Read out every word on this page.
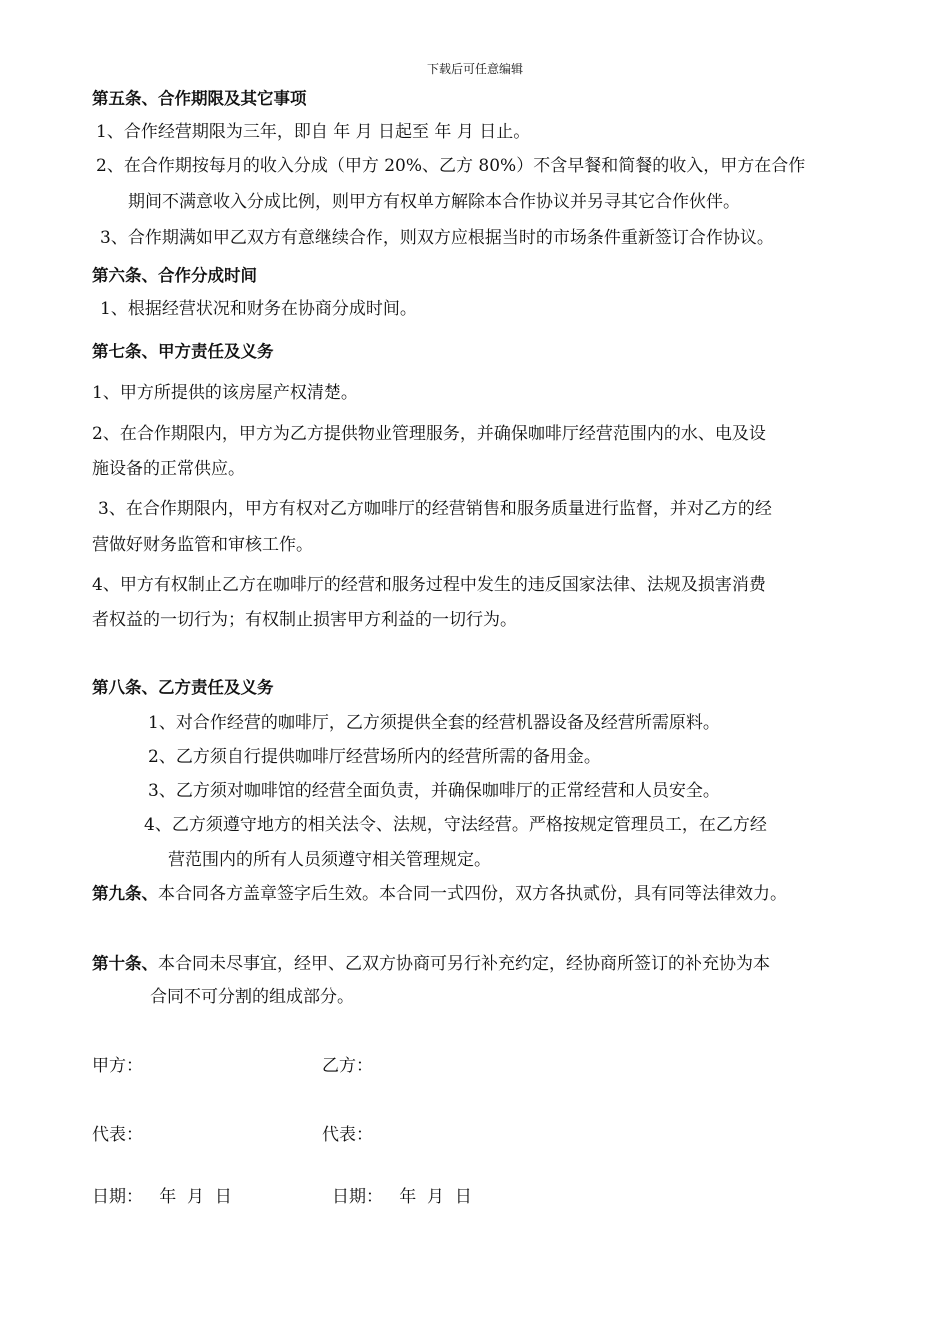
下载后可任意编辑
第五条、合作期限及其它事项
1、合作经营期限为三年，即自 年 月 日起至 年 月 日止。
2、在合作期按每月的收入分成（甲方 20%、乙方 80%）不含早餐和简餐的收入，甲方在合作
期间不满意收入分成比例，则甲方有权单方解除本合作协议并另寻其它合作伙伴。
3、合作期满如甲乙双方有意继续合作，则双方应根据当时的市场条件重新签订合作协议。
第六条、合作分成时间
1、根据经营状况和财务在协商分成时间。
第七条、甲方责任及义务
1、甲方所提供的该房屋产权清楚。
2、在合作期限内，甲方为乙方提供物业管理服务，并确保咖啡厅经营范围内的水、电及设
施设备的正常供应。
3、在合作期限内，甲方有权对乙方咖啡厅的经营销售和服务质量进行监督，并对乙方的经
营做好财务监管和审核工作。
4、甲方有权制止乙方在咖啡厅的经营和服务过程中发生的违反国家法律、法规及损害消费
者权益的一切行为；有权制止损害甲方利益的一切行为。
第八条、乙方责任及义务
1、对合作经营的咖啡厅，乙方须提供全套的经营机器设备及经营所需原料。
2、乙方须自行提供咖啡厅经营场所内的经营所需的备用金。
3、乙方须对咖啡馆的经营全面负责，并确保咖啡厅的正常经营和人员安全。
4、乙方须遵守地方的相关法令、法规，守法经营。严格按规定管理员工，在乙方经
营范围内的所有人员须遵守相关管理规定。
第九条、本合同各方盖章签字后生效。本合同一式四份，双方各执贰份，具有同等法律效力。
第十条、本合同未尽事宜，经甲、乙双方协商可另行补充约定，经协商所签订的补充协为本
合同不可分割的组成部分。
甲方：	乙方：
代表：	代表：
日期：   年  月  日	日期：   年  月  日
